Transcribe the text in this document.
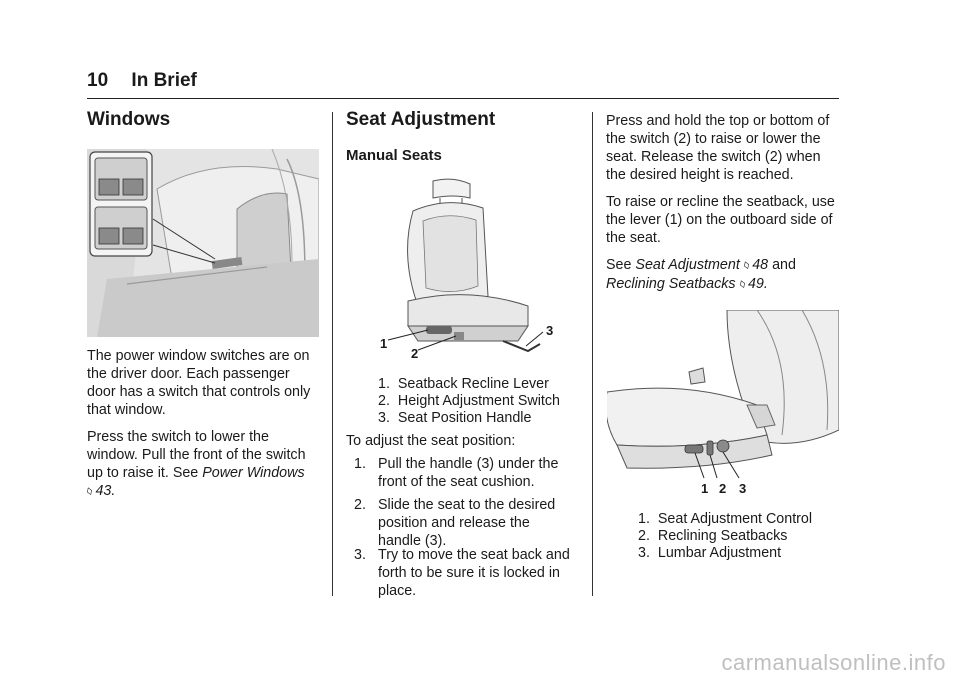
10 In Brief
Windows

The power window switches are on
the driver door. Each passenger
door has a switch that controls only
that window.

Press the switch to lower the
window. Pull the front of the switch
up to raise it. See Power Windows
◊43.

Seat Adjustment
Manual Seats
1
2
3
1. Seatback Recline Lever
2. Height Adjustment Switch
3. Seat Position Handle
To adjust the seat position:
1. Pull the handle (3) under the
front of the seat cushion.
2. Slide the seat to the desired
position and release the
handle (3).
3. Try to move the seat back and
forth to be sure it is locked in
place.

Press and hold the top or bottom of
the switch (2) to raise or lower the
seat. Release the switch (2) when
the desired height is reached.

To raise or recline the seatback, use
the lever (1) on the outboard side of
the seat.

See Seat Adjustment ◊48 and
Reclining Seatbacks ◊49.

1 2 3
1. Seat Adjustment Control
2. Reclining Seatbacks
3. Lumbar Adjustment
carmanualsonline.info
